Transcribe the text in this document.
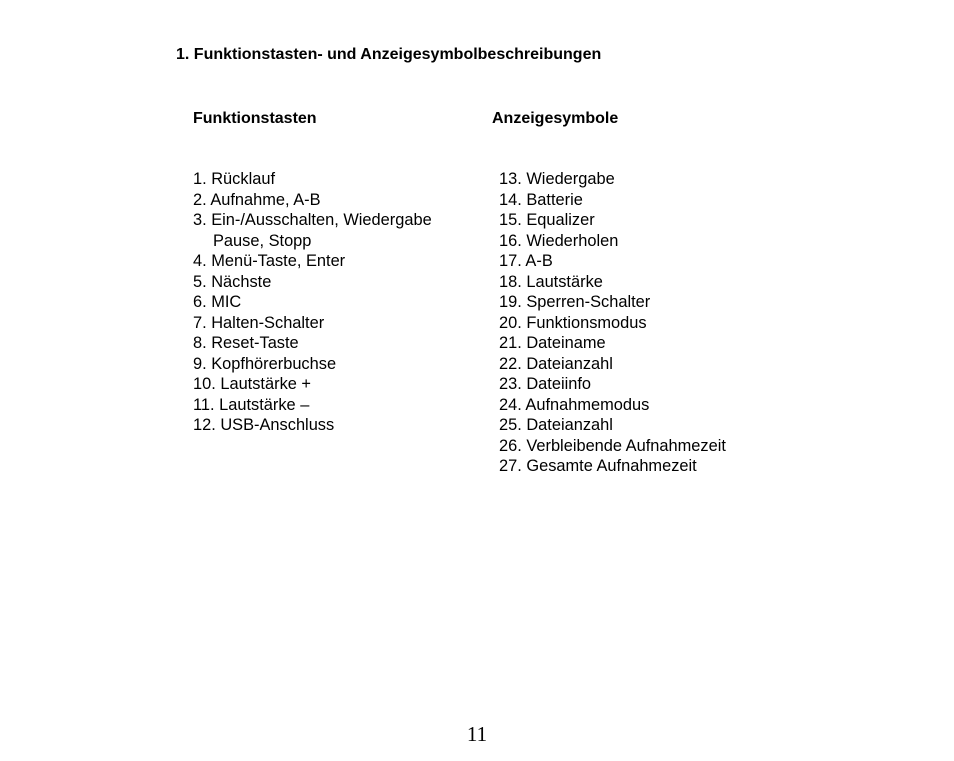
1. Funktionstasten- und Anzeigesymbolbeschreibungen
Funktionstasten	Anzeigesymbole
1. Rücklauf
2. Aufnahme, A-B
3. Ein-/Ausschalten, Wiedergabe
Pause, Stopp
4. Menü-Taste, Enter
5. Nächste
6. MIC
7. Halten-Schalter
8. Reset-Taste
9. Kopfhörerbuchse
10. Lautstärke +
11. Lautstärke –
12. USB-Anschluss
13. Wiedergabe
14. Batterie
15. Equalizer
16. Wiederholen
17. A-B
18. Lautstärke
19. Sperren-Schalter
20. Funktionsmodus
21. Dateiname
22. Dateianzahl
23. Dateiinfo
24. Aufnahmemodus
25. Dateianzahl
26. Verbleibende Aufnahmezeit
27. Gesamte Aufnahmezeit
11
